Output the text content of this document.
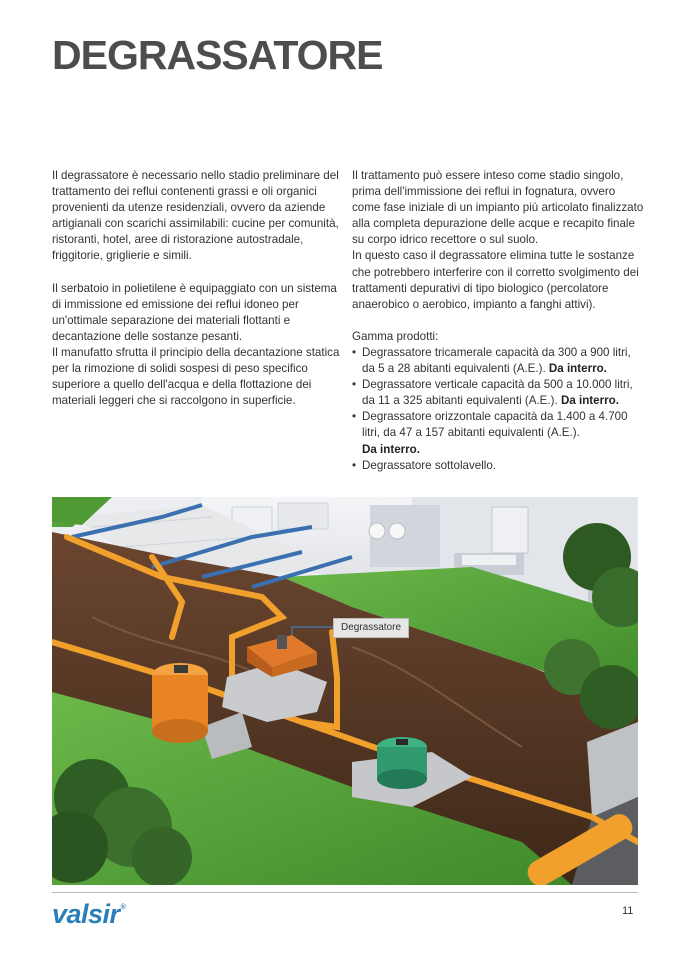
DEGRASSATORE

Il degrassatore è necessario nello stadio preliminare del trattamento dei reflui contenenti grassi e oli organici provenienti da utenze residenziali, ovvero da aziende artigianali con scarichi assimilabili: cucine per comunità, ristoranti, hotel, aree di ristorazione autostradale, friggitorie, griglierie e simili.

Il serbatoio in polietilene è equipaggiato con un sistema di immissione ed emissione dei reflui idoneo per un'ottimale separazione dei materiali flottanti e decantazione delle sostanze pesanti.

Il manufatto sfrutta il principio della decantazione statica per la rimozione di solidi sospesi di peso specifico superiore a quello dell'acqua e della flottazione dei materiali leggeri che si raccolgono in superficie.

Il trattamento può essere inteso come stadio singolo, prima dell'immissione dei reflui in fognatura, ovvero come fase iniziale di un impianto più articolato finalizzato alla completa depurazione delle acque e recapito finale su corpo idrico recettore o sul suolo.

In questo caso il degrassatore elimina tutte le sostanze che potrebbero interferire con il corretto svolgimento dei trattamenti depurativi di tipo biologico (percolatore anaerobico o aerobico, impianto a fanghi attivi).

Gamma prodotti:

• Degrassatore tricamerale capacità da 300 a 900 litri, da 5 a 28 abitanti equivalenti (A.E.). Da interro.
• Degrassatore verticale capacità da 500 a 10.000 litri, da 11 a 325 abitanti equivalenti (A.E.). Da interro.
• Degrassatore orizzontale capacità da 1.400 a 4.700 litri, da 47 a 157 abitanti equivalenti (A.E.).
Da interro.
• Degrassatore sottolavello.
Degrassatore
valsir®	11
